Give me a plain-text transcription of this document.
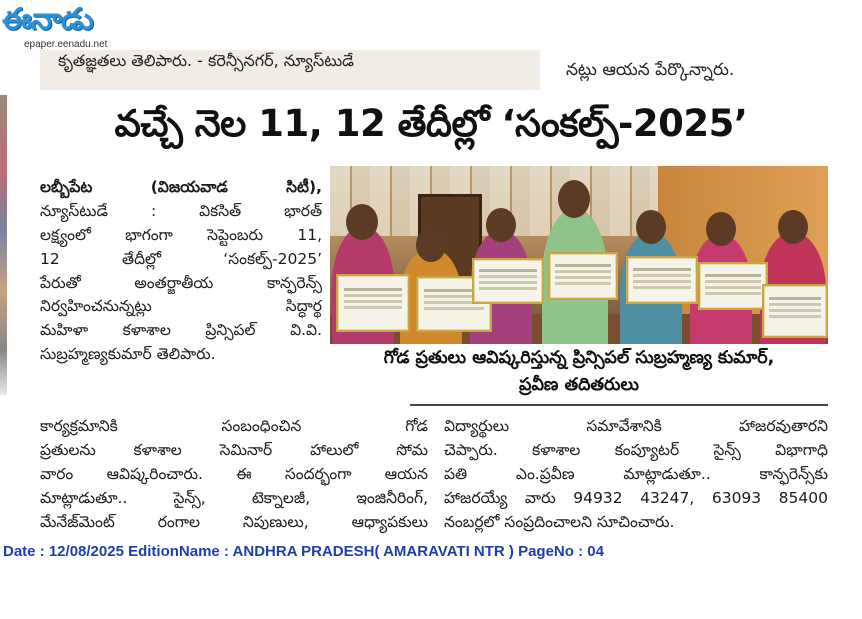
ఈనాడు
epaper.eenadu.net
కృతజ్ఞతలు తెలిపారు. - కరెన్సీనగర్, న్యూస్‌టుడే	నట్లు ఆయన పేర్కొన్నారు.
వచ్చే నెల 11, 12 తేదీల్లో ‘సంకల్ప్‌-2025’

లబ్బీపేట (విజయవాడ సిటీ),

న్యూస్‌టుడే : వికసిత్ భారత్

లక్ష్యంలో భాగంగా సెప్టెంబరు 11,

12 తేదీల్లో ‘సంకల్ప్‌-2025’

పేరుతో అంతర్జాతీయ కాన్ఫరెన్స్

నిర్వహించనున్నట్లు సిద్ధార్థ

మహిళా కళాశాల ప్రిన్సిపల్ వి.వి.

సుబ్రహ్మణ్యకుమార్ తెలిపారు.	గోడ ప్రతులు ఆవిష్కరిస్తున్న ప్రిన్సిపల్ సుబ్రహ్మణ్య కుమార్,
ప్రవీణ తదితరులు

కార్యక్రమానికి సంబంధించిన గోడ

ప్రతులను కళాశాల సెమినార్ హాలులో సోమ

వారం ఆవిష్కరించారు. ఈ సందర్భంగా ఆయన

మాట్లాడుతూ.. సైన్స్, టెక్నాలజీ, ఇంజినీరింగ్,

మేనేజ్‌మెంట్ రంగాల నిపుణులు, ఆధ్యాపకులు

విద్యార్థులు సమావేశానికి హాజరవుతారని

చెప్పారు. కళాశాల కంప్యూటర్ సైన్స్ విభాగాధి

పతి ఎం.ప్రవీణ మాట్లాడుతూ.. కాన్ఫరెన్స్‌కు

హాజరయ్యే వారు 94932 43247, 63093 85400

నంబర్లలో సంప్రదించాలని సూచించారు.

Date : 12/08/2025 EditionName : ANDHRA PRADESH( AMARAVATI NTR ) PageNo : 04
